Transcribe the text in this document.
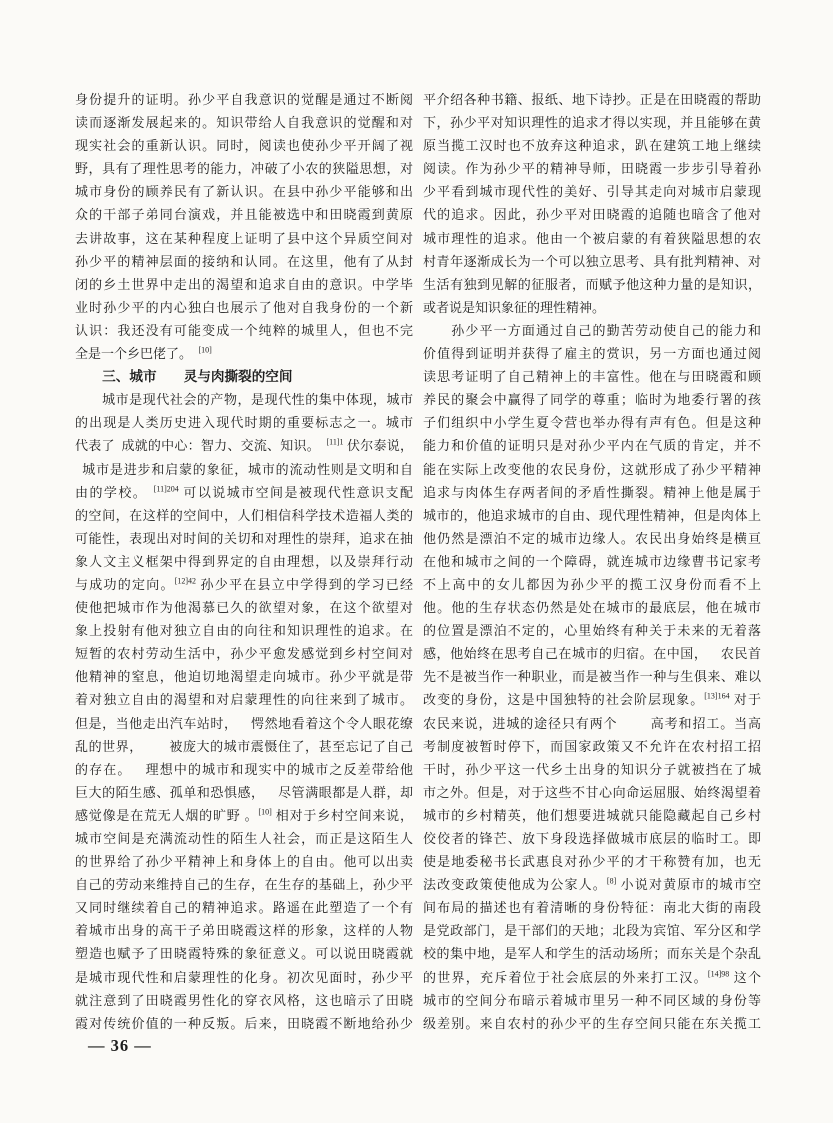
身份提升的证明。孙少平自我意识的觉醒是通过不断阅
读而逐渐发展起来的。知识带给人自我意识的觉醒和对
现实社会的重新认识。同时，阅读也使孙少平开阔了视
野，具有了理性思考的能力，冲破了小农的狭隘思想，对
城市身份的顾养民有了新认识。在县中孙少平能够和出
众的干部子弟同台演戏，并且能被选中和田晓霞到黄原
去讲故事，这在某种程度上证明了县中这个异质空间对
孙少平的精神层面的接纳和认同。在这里，他有了从封
闭的乡土世界中走出的渴望和追求自由的意识。中学毕
业时孙少平的内心独白也展示了他对自我身份的一个新
认识：我还没有可能变成一个纯粹的城里人，但也不完
全是一个乡巴佬了。 [10]
　　三、城市　　灵与肉撕裂的空间
　　城市是现代社会的产物，是现代性的集中体现，城市
的出现是人类历史进入现代时期的重要标志之一。城市
代表了 成就的中心：智力、交流、知识。 $^{[11]1}$ 伏尔泰说，
 城市是进步和启蒙的象征，城市的流动性则是文明和自
由的学校。 $^{[11]204}$ 可以说城市空间是被现代性意识支配
的空间，在这样的空间中，人们相信科学技术造福人类的
可能性，表现出对时间的关切和对理性的崇拜，追求在抽
象人文主义框架中得到界定的自由理想，以及崇拜行动
与成功的定向。$^{[12]42}$ 孙少平在县立中学得到的学习已经
使他把城市作为他渴慕已久的欲望对象，在这个欲望对
象上投射有他对独立自由的向往和知识理性的追求。在
短暂的农村劳动生活中，孙少平愈发感觉到乡村空间对
他精神的窒息，他迫切地渴望走向城市。孙少平就是带
着对独立自由的渴望和对启蒙理性的向往来到了城市。
但是，当他走出汽车站时， 愕然地看着这个令人眼花缭
乱的世界，  被庞大的城市震慑住了，甚至忘记了自己
的存在。 理想中的城市和现实中的城市之反差带给他
巨大的陌生感、孤单和恐惧感， 尽管满眼都是人群，却
感觉像是在荒无人烟的旷野 。[10] 相对于乡村空间来说，
城市空间是充满流动性的陌生人社会，而正是这陌生人
的世界给了孙少平精神上和身体上的自由。他可以出卖
自己的劳动来维持自己的生存，在生存的基础上，孙少平
又同时继续着自己的精神追求。路遥在此塑造了一个有
着城市出身的高干子弟田晓霞这样的形象，这样的人物
塑造也赋予了田晓霞特殊的象征意义。可以说田晓霞就
是城市现代性和启蒙理性的化身。初次见面时，孙少平
就注意到了田晓霞男性化的穿衣风格，这也暗示了田晓
霞对传统价值的一种反叛。后来，田晓霞不断地给孙少
平介绍各种书籍、报纸、地下诗抄。正是在田晓霞的帮助
下，孙少平对知识理性的追求才得以实现，并且能够在黄
原当揽工汉时也不放弃这种追求，趴在建筑工地上继续
阅读。作为孙少平的精神导师，田晓霞一步步引导着孙
少平看到城市现代性的美好、引导其走向对城市启蒙现
代的追求。因此，孙少平对田晓霞的追随也暗含了他对
城市理性的追求。他由一个被启蒙的有着狭隘思想的农
村青年逐渐成长为一个可以独立思考、具有批判精神、对
生活有独到见解的征服者，而赋予他这种力量的是知识，
或者说是知识象征的理性精神。
　　孙少平一方面通过自己的勤苦劳动使自己的能力和
价值得到证明并获得了雇主的赏识，另一方面也通过阅
读思考证明了自己精神上的丰富性。他在与田晓霞和顾
养民的聚会中赢得了同学的尊重；临时为地委行署的孩
子们组织中小学生夏令营也举办得有声有色。但是这种
能力和价值的证明只是对孙少平内在气质的肯定，并不
能在实际上改变他的农民身份，这就形成了孙少平精神
追求与肉体生存两者间的矛盾性撕裂。精神上他是属于
城市的，他追求城市的自由、现代理性精神，但是肉体上
他仍然是漂泊不定的城市边缘人。农民出身始终是横亘
在他和城市之间的一个障碍，就连城市边缘曹书记家考
不上高中的女儿都因为孙少平的揽工汉身份而看不上
他。他的生存状态仍然是处在城市的最底层，他在城市
的位置是漂泊不定的，心里始终有种关于未来的无着落
感，他始终在思考自己在城市的归宿。在中国， 农民首
先不是被当作一种职业，而是被当作一种与生俱来、难以
改变的身份，这是中国独特的社会阶层现象。$^{[13]164}$ 对于
农民来说，进城的途径只有两个   高考和招工。当高
考制度被暂时停下，而国家政策又不允许在农村招工招
干时，孙少平这一代乡土出身的知识分子就被挡在了城
市之外。但是，对于这些不甘心向命运屈服、始终渴望着
城市的乡村精英，他们想要进城就只能隐藏起自己乡村
佼佼者的锋芒、放下身段选择做城市底层的临时工。即
使是地委秘书长武惠良对孙少平的才干称赞有加，也无
法改变政策使他成为公家人。[8] 小说对黄原市的城市空
间布局的描述也有着清晰的身份特征：南北大街的南段
是党政部门，是干部们的天地；北段为宾馆、军分区和学
校的集中地，是军人和学生的活动场所；而东关是个杂乱
的世界，充斥着位于社会底层的外来打工汉。$^{[14]98}$ 这个
城市的空间分布暗示着城市里另一种不同区域的身份等
级差别。来自农村的孙少平的生存空间只能在东关揽工
— 36 —
